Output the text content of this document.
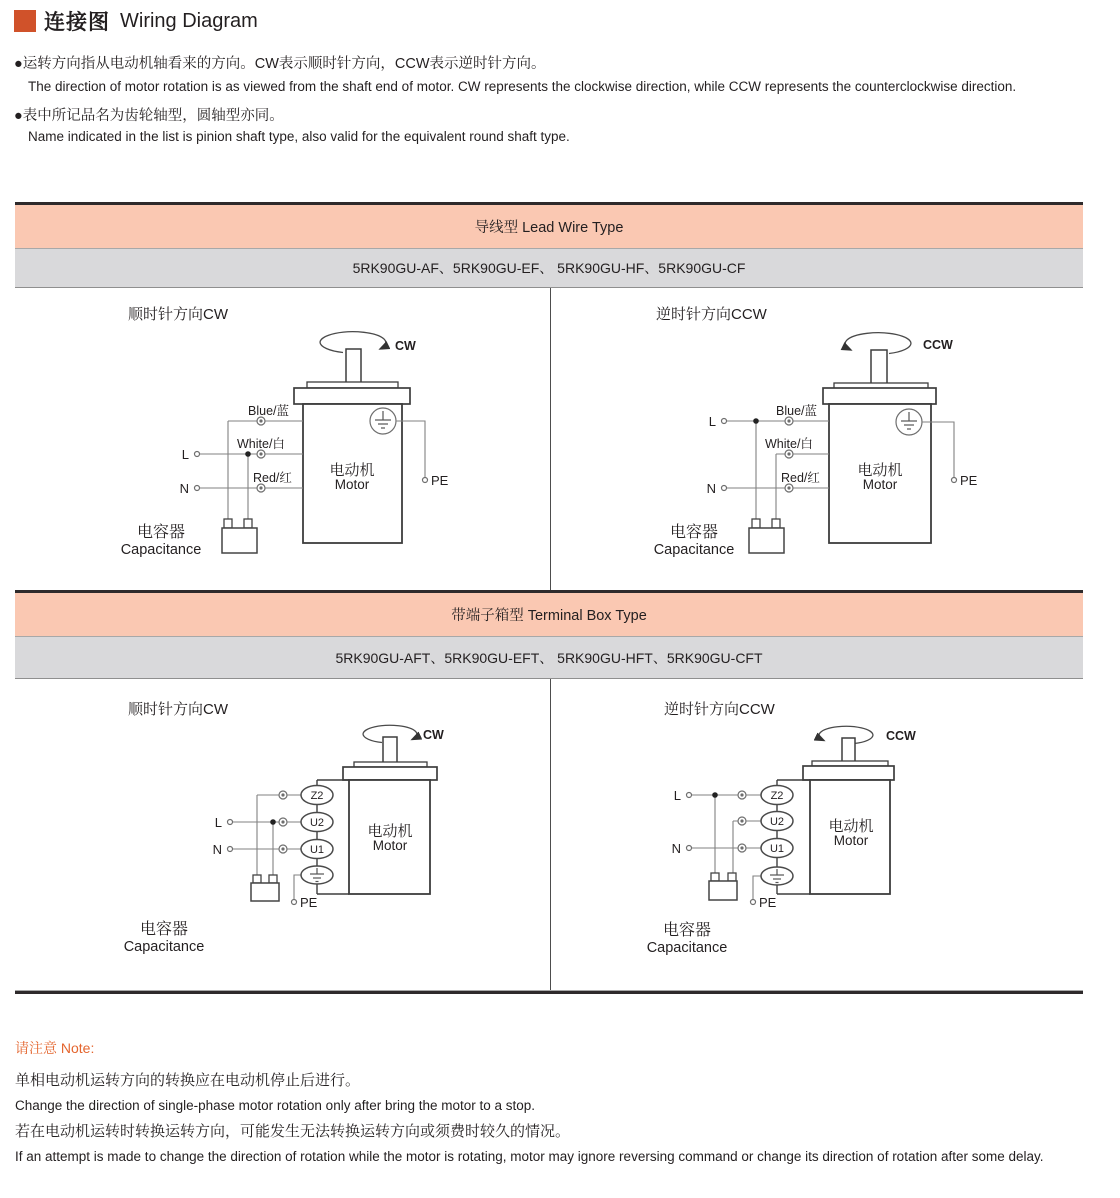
连接图 Wiring Diagram
●运转方向指从电动机轴看来的方向。CW表示顺时针方向，CCW表示逆时针方向。
The direction of motor rotation is as viewed from the shaft end of motor. CW represents the clockwise direction, while CCW represents the counterclockwise direction.
●表中所记品名为齿轮轴型，圆轴型亦同。
Name indicated in the list is pinion shaft type, also valid for the equivalent round shaft type.
导线型 Lead Wire Type
5RK90GU-AF、5RK90GU-EF、 5RK90GU-HF、5RK90GU-CF
顺时针方向CW
CW
电动机
Motor	PE
L
N
Blue/蓝
White/白
Red/红
电容器
Capacitance
逆时针方向CCW
CCW
电动机
Motor	PE
L
N
Blue/蓝
White/白
Red/红
电容器
Capacitance
带端子箱型 Terminal Box Type
5RK90GU-AFT、5RK90GU-EFT、 5RK90GU-HFT、5RK90GU-CFT
顺时针方向CW
CW
电动机
Motor
Z2
U2
U1
PE
L
N
电容器
Capacitance
逆时针方向CCW
CCW
电动机
Motor
Z2
U2
U1
PE
L
N
电容器
Capacitance
请注意 Note:
单相电动机运转方向的转换应在电动机停止后进行。
Change the direction of single-phase motor rotation only after bring the motor to a stop.
若在电动机运转时转换运转方向，可能发生无法转换运转方向或须费时较久的情况。
If an attempt is made to change the direction of rotation while the motor is rotating, motor may ignore reversing command or change its direction of rotation after some delay.
